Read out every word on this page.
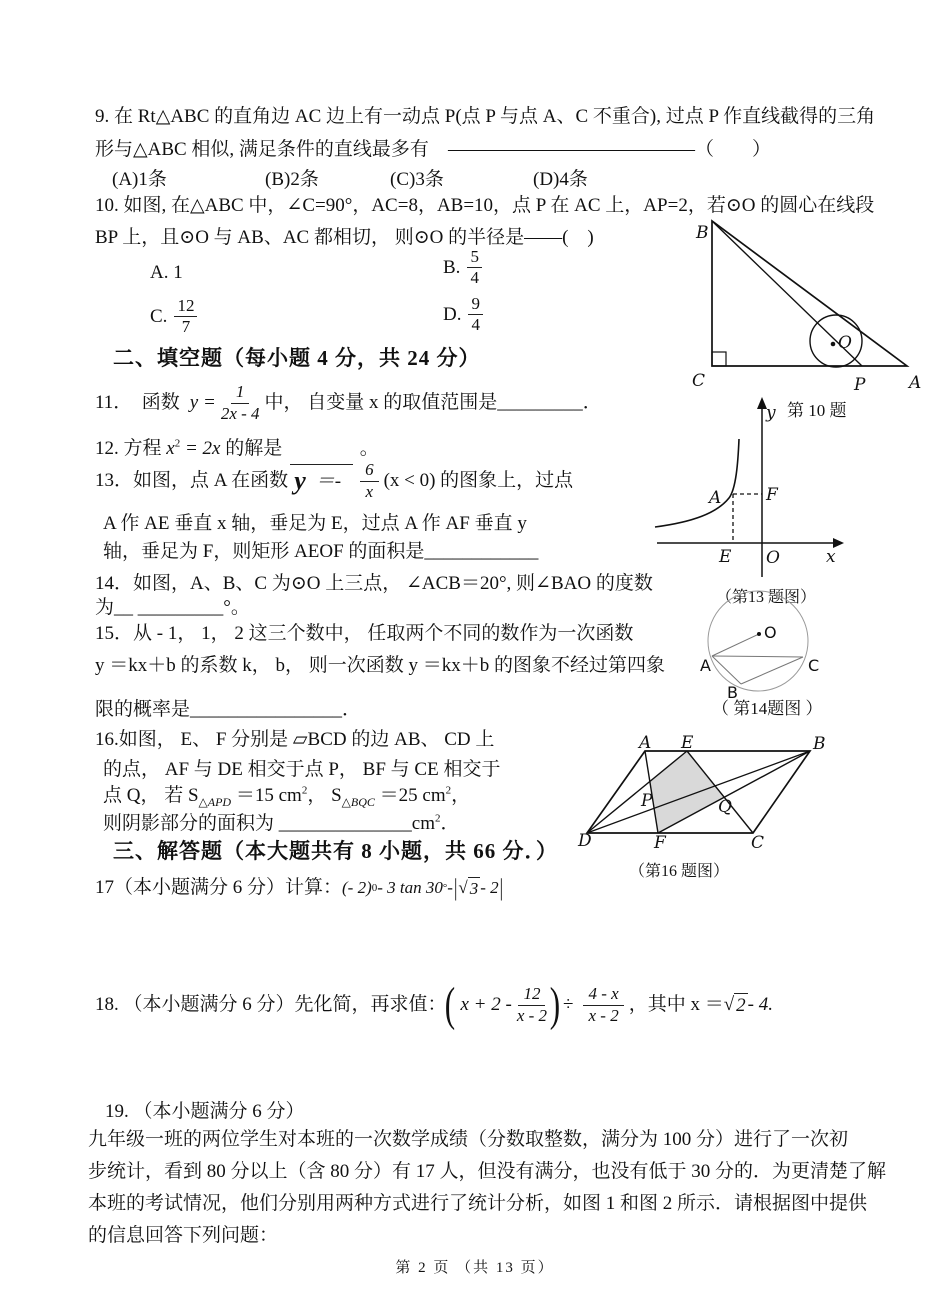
B
C	A
P
O
第 10 题
y
A	F
E O	x
（第13 题图）
O
A	C
B
（ 第14题图 ）
A E	B
D	F	C
P	Q
（第16 题图）
9. 在 Rt△ABC 的直角边 AC 边上有一动点 P(点 P 与点 A、C 不重合), 过点 P 作直线截得的三角
形与△ABC 相似, 满足条件的直线最多有　—————————————（　　）
(A)1条	(B)2条	(C)3条	(D)4条
10. 如图, 在△ABC 中，∠C=90°，AC=8，AB=10，点 P 在 AC 上，AP=2，若⊙O 的圆心在线段
BP 上，且⊙O 与 AB、AC 都相切， 则⊙O 的半径是——(　)
A. 1	B.
5
4
C.
12
7
D.
9
4
二、填空题（每小题 4 分，共 24 分）
11．　函数 $y = \frac{1}{2x - 4}$ 中， 自变量 x 的取值范围是 _________．
12. 方程 $x^2 = 2x$ 的解是	。
13．如图，点 A 在函数 $y =- \frac{6}{x} (x < 0)$ 的图象上，过点
A 作 AE 垂直 x 轴，垂足为 E，过点 A 作 AF 垂直 y
轴，垂足为 F，则矩形 AEOF 的面积是____________
14．如图，A、B、C 为⊙O 上三点， ∠ACB＝20°, 则∠BAO 的度数
为__ _________°。
15．从 - 1， 1， 2 这三个数中， 任取两个不同的数作为一次函数
y ＝kx＋b 的系数 k， b， 则一次函数 y ＝kx＋b 的图象不经过第四象
限的概率是________________．
16.如图， E、 F 分别是 ▱BCD 的边 AB、 CD 上
的点， AF 与 DE 相交于点 P， BF 与 CE 相交于
点 Q， 若 $S_{\triangle APD} =15$ $cm^2$， $S_{\triangle BQC} =25$ $cm^2$，
则阴影部分的面积为 $\_\_\_\_\_\_\_\_\_\_\_\_\_\_cm^2$．
三、解答题（本大题共有 8 小题，共 66 分．）
17（本小题满分 6 分）计算： (- 2) 0 - 3 tan 30 ° - | √ 3 - 2 |
18. （本小题满分 6 分）先化简，再求值：
( $x + 2 - \frac{12}{x - 2}$ ) ÷ $\frac{4 - x}{x - 2}$ ， 其中 x ＝ √ 2 - 4.
19. （本小题满分 6 分）
九年级一班的两位学生对本班的一次数学成绩（分数取整数，满分为 100 分）进行了一次初
步统计，看到 80 分以上（含 80 分）有 17 人，但没有满分，也没有低于 30 分的．为更清楚了解
本班的考试情况，他们分别用两种方式进行了统计分析，如图 1 和图 2 所示．请根据图中提供
的信息回答下列问题：
第 2 页 （共 13 页）
